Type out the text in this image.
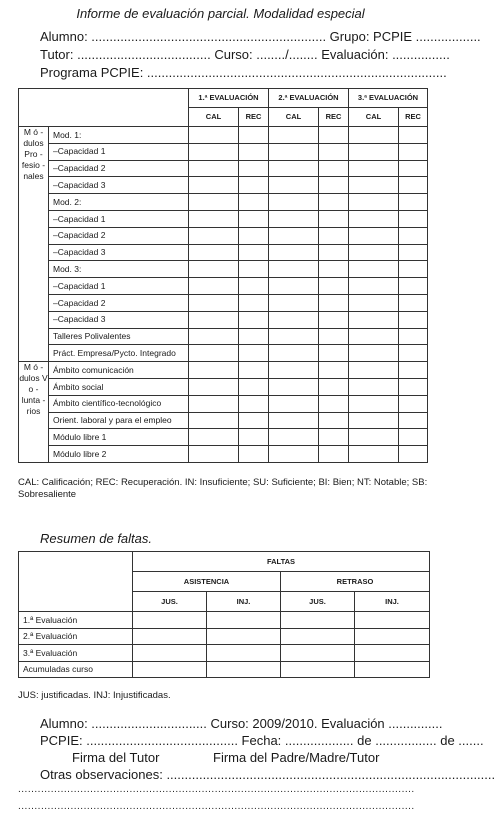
Informe de evaluación parcial. Modalidad especial
Alumno: ................................................................. Grupo: PCPIE ..................
Tutor: ..................................... Curso: ......../........ Evaluación: ................
Programa PCPIE: ...................................................................................
		1.ª EVALUACIÓN		2.ª EVALUACIÓN		3.ª EVALUACIÓN	
		CAL	REC	CAL	REC	CAL	REC
M ó - dulos Pro - fesio - nales	Mod. 1:						
	–Capacidad 1						
	–Capacidad 2						
	–Capacidad 3						
	Mod. 2:						
	–Capacidad 1						
	–Capacidad 2						
	–Capacidad 3						
	Mod. 3:						
	–Capacidad 1						
	–Capacidad 2						
	–Capacidad 3						
	Talleres Polivalentes						
	Práct. Empresa/Pycto. Integrado						
M ó - dulos V o - lunta - rios	Ámbito comunicación						
	Ámbito social						
	Ámbito científico-tecnológico						
	Orient. laboral y para el empleo						
	Módulo libre 1						
	Módulo libre 2						
CAL: Calificación; REC: Recuperación. IN: Insuficiente; SU: Suficiente; BI: Bien; NT: Notable; SB: Sobresaliente
Resumen de faltas.
	FALTAS			
	ASISTENCIA		RETRASO	
	JUS.	INJ.	JUS.	INJ.
1.ª Evaluación				
2.ª Evaluación				
3.ª Evaluación				
Acumuladas curso				
JUS: justificadas. INJ: Injustificadas.
Alumno: ................................ Curso: 2009/2010. Evaluación ...............
PCPIE: .......................................... Fecha: ................... de ................. de .......
Firma del Tutor	Firma del Padre/Madre/Tutor
Otras observaciones: ...........................................................................................
.........................................................................................................................
.........................................................................................................................
